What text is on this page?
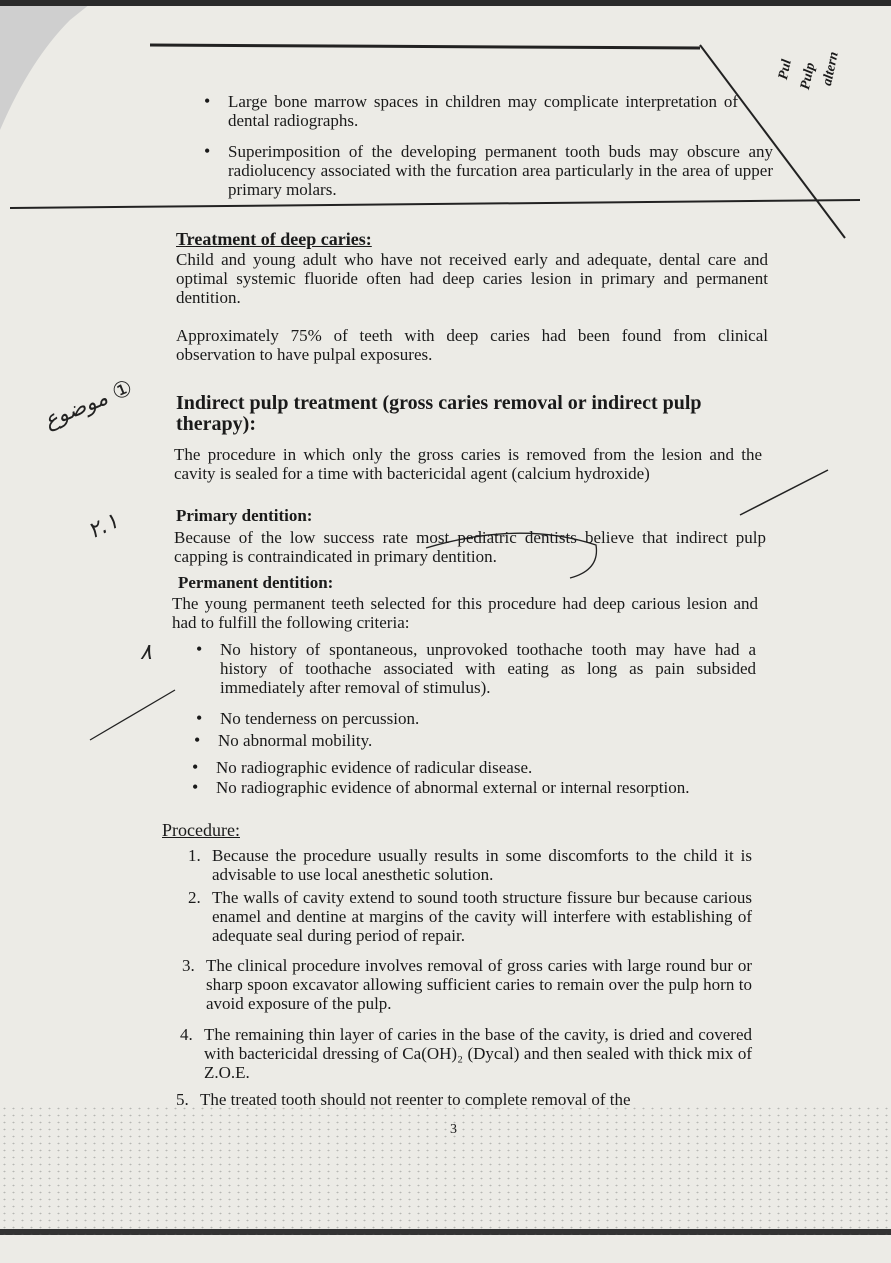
Pul Pulp altern
• Large bone marrow spaces in children may complicate interpretation of dental radiographs.
• Superimposition of the developing permanent tooth buds may obscure any radiolucency associated with the furcation area particularly in the area of upper primary molars.
Treatment of deep caries:
Child and young adult who have not received early and adequate, dental care and optimal systemic fluoride often had deep caries lesion in primary and permanent dentition.
Approximately 75% of teeth with deep caries had been found from clinical observation to have pulpal exposures.
موضوع ①
٢.١
٨
Indirect pulp treatment (gross caries removal or indirect pulp therapy):
The procedure in which only the gross caries is removed from the lesion and the cavity is sealed for a time with bactericidal agent (calcium hydroxide)
Primary dentition:
Because of the low success rate most pediatric dentists believe that indirect pulp capping is contraindicated in primary dentition.
Permanent dentition:
The young permanent teeth selected for this procedure had deep carious lesion and had to fulfill the following criteria:
• No history of spontaneous, unprovoked toothache tooth may have had a history of toothache associated with eating as long as pain subsided immediately after removal of stimulus).
• No tenderness on percussion.
• No abnormal mobility.
• No radiographic evidence of radicular disease.
• No radiographic evidence of abnormal external or internal resorption.
Procedure:
1. Because the procedure usually results in some discomforts to the child it is advisable to use local anesthetic solution.
2. The walls of cavity extend to sound tooth structure fissure bur because carious enamel and dentine at margins of the cavity will interfere with establishing of adequate seal during period of repair.
3. The clinical procedure involves removal of gross caries with large round bur or sharp spoon excavator allowing sufficient caries to remain over the pulp horn to avoid exposure of the pulp.
4. The remaining thin layer of caries in the base of the cavity, is dried and covered with bactericidal dressing of Ca(OH)₂ (Dycal) and then sealed with thick mix of Z.O.E.
5. The treated tooth should not reenter to complete removal of the
3
